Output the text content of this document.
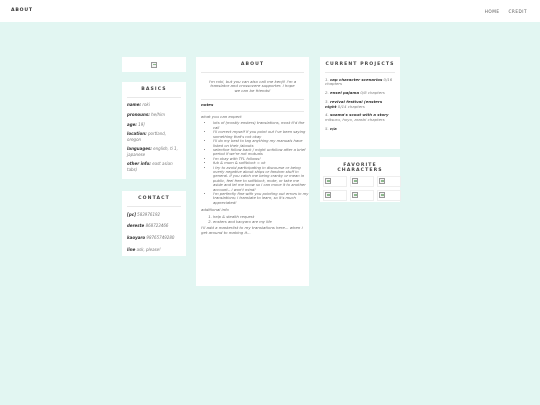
ABOUT	HOME CREDIT
BASICS
name: roki
pronouns: he/him
age: 19]
location: portland, oregon
languages: english, ti 1, japanese
other info: east asian tabs)
CONTACT
[pc] 583976192
dereste 868723466
kaoyaro 98765749280
line ask, please!
ABOUT
i'm roki, but you can also call me kenji! i'm a translator and crossovere supporter. i hope we can be friends!
notes
what you can expect
• lots of (mostly ensters) translations, most tl'd the call
• i'll correct myself if you point out i've been saying something that's not okay
• i'll do my best to tag anything my manuals have listed on their /abouts
• selective follow back / might unfollow after a brief period if we're not mutuals
• i'm okay with TFL follows!
• fub & mum & softblock = ok
• i try to avoid participating in discourse or being overly negative about ships or fandom stuff in general. if you catch me being cranky or mean in public, feel free to softblock, mute, or take me aside and let me know so i can move it to another account-- i won't mind!
• i'm perfectly fine with you pointing out errors in my translations; i translate to learn, so it's much appreciated!
additional info
1. help & stealth request
2. ensters and kaoyaro are my life
i'll add a masterlist to my translations here... when i get around to making it...
CURRENT PROJECTS
1. cap character scenarios 0/16 chapters
2. ensel pajama 0/8 chapters
3. revival festival (ensters night 0/14 chapters
4. soama's scout with a story mitsuru, hoyo, arashi chapters
5. n/a
FAVORITE CHARACTERS
